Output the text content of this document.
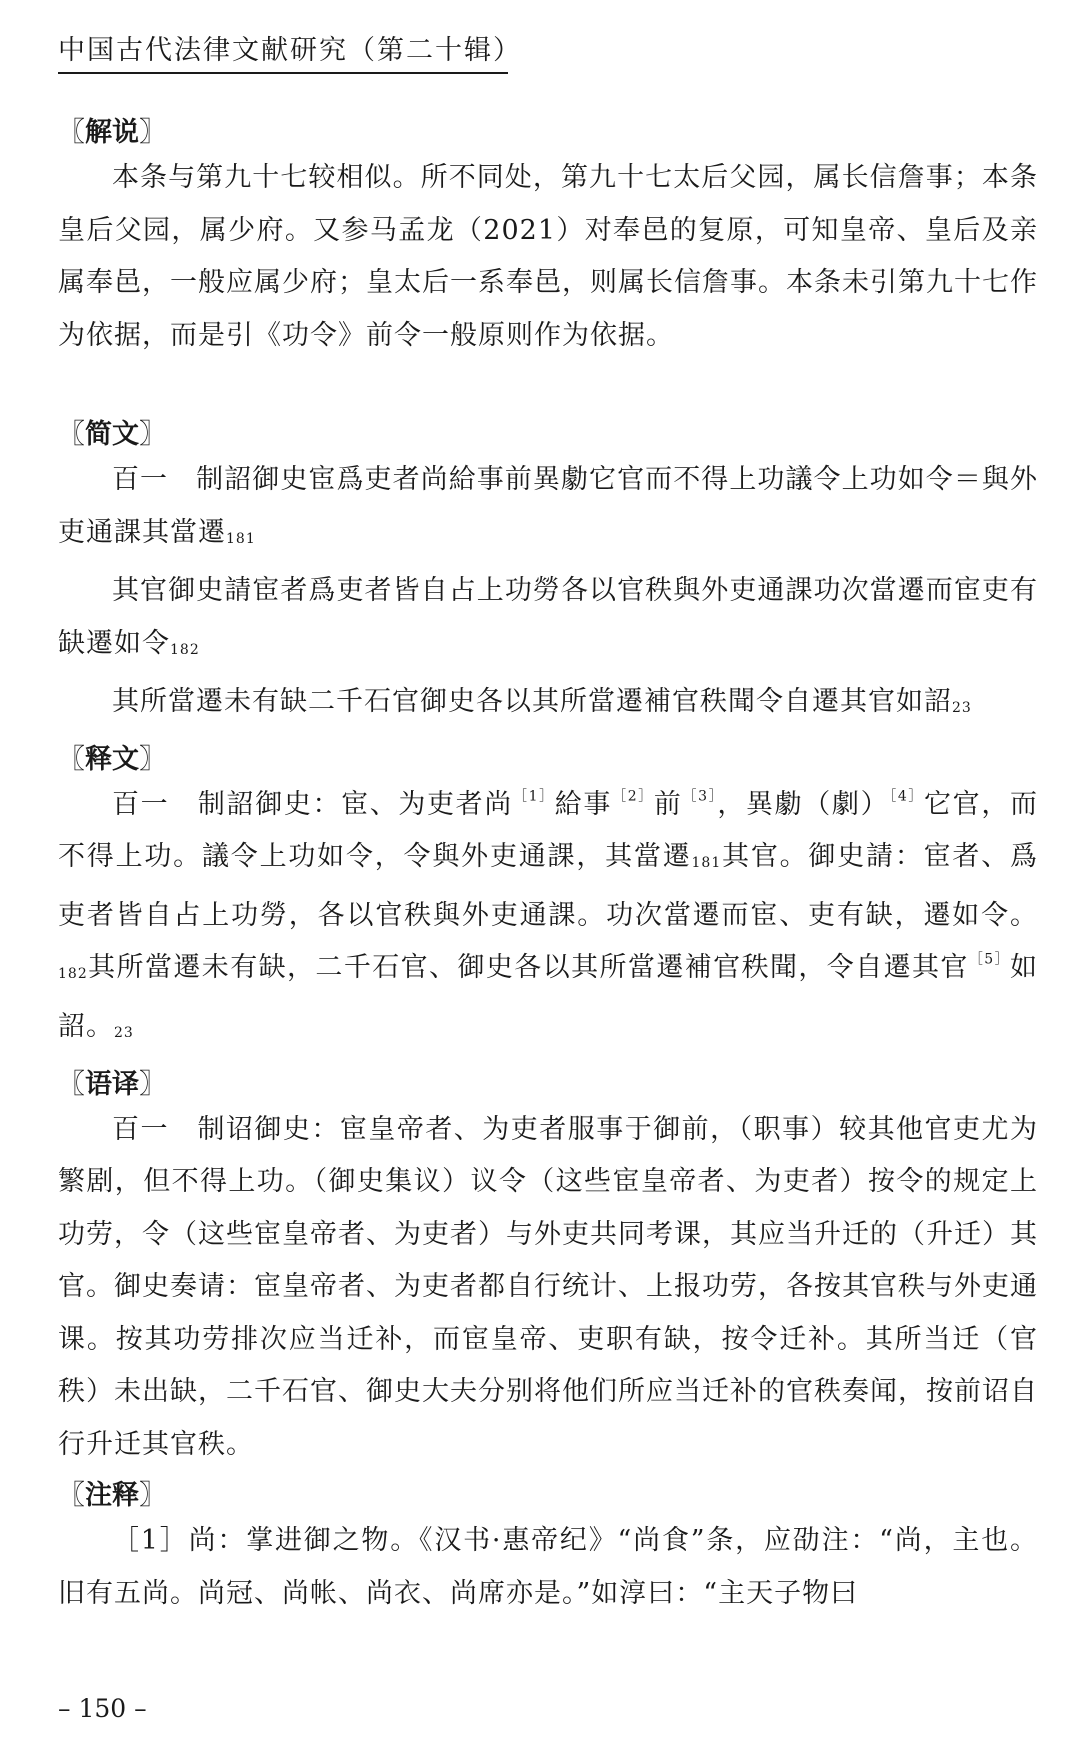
中国古代法律文献研究（第二十辑）
〖解说〗

本条与第九十七较相似。所不同处，第九十七太后父园，属长信詹事；本条皇后父园，属少府。又参马孟龙（2021）对奉邑的复原，可知皇帝、皇后及亲属奉邑，一般应属少府；皇太后一系奉邑，则属长信詹事。本条未引第九十七作为依据，而是引《功令》前令一般原则作为依据。

〖简文〗

百一　制詔御史宦爲吏者尚給事前異勮它官而不得上功議令上功如令＝與外吏通課其當遷181

其官御史請宦者爲吏者皆自占上功勞各以官秩與外吏通課功次當遷而宦吏有缺遷如令182

其所當遷未有缺二千石官御史各以其所當遷補官秩聞令自遷其官如詔23

〖释文〗

百一　制詔御史：宦、为吏者尚$^{[1]}$給事$^{[2]}$前$^{[3]}$，異勮（劇）$^{[4]}$它官，而不得上功。議令上功如令，令與外吏通課，其當遷181其官。御史請：宦者、爲吏者皆自占上功勞，各以官秩與外吏通課。功次當遷而宦、吏有缺，遷如令。182其所當遷未有缺，二千石官、御史各以其所當遷補官秩聞，令自遷其官$^{[5]}$如詔。23

〖语译〗

百一　制诏御史：宦皇帝者、为吏者服事于御前，（职事）较其他官吏尤为繁剧，但不得上功。（御史集议）议令（这些宦皇帝者、为吏者）按令的规定上功劳，令（这些宦皇帝者、为吏者）与外吏共同考课，其应当升迁的（升迁）其官。御史奏请：宦皇帝者、为吏者都自行统计、上报功劳，各按其官秩与外吏通课。按其功劳排次应当迁补，而宦皇帝、吏职有缺，按令迁补。其所当迁（官秩）未出缺，二千石官、御史大夫分别将他们所应当迁补的官秩奏闻，按前诏自行升迁其官秩。

〖注释〗

［1］尚：掌进御之物。《汉书·惠帝纪》“尚食”条，应劭注：“尚，主也。旧有五尚。尚冠、尚帐、尚衣、尚席亦是。”如淳曰：“主天子物曰

– 150 –
